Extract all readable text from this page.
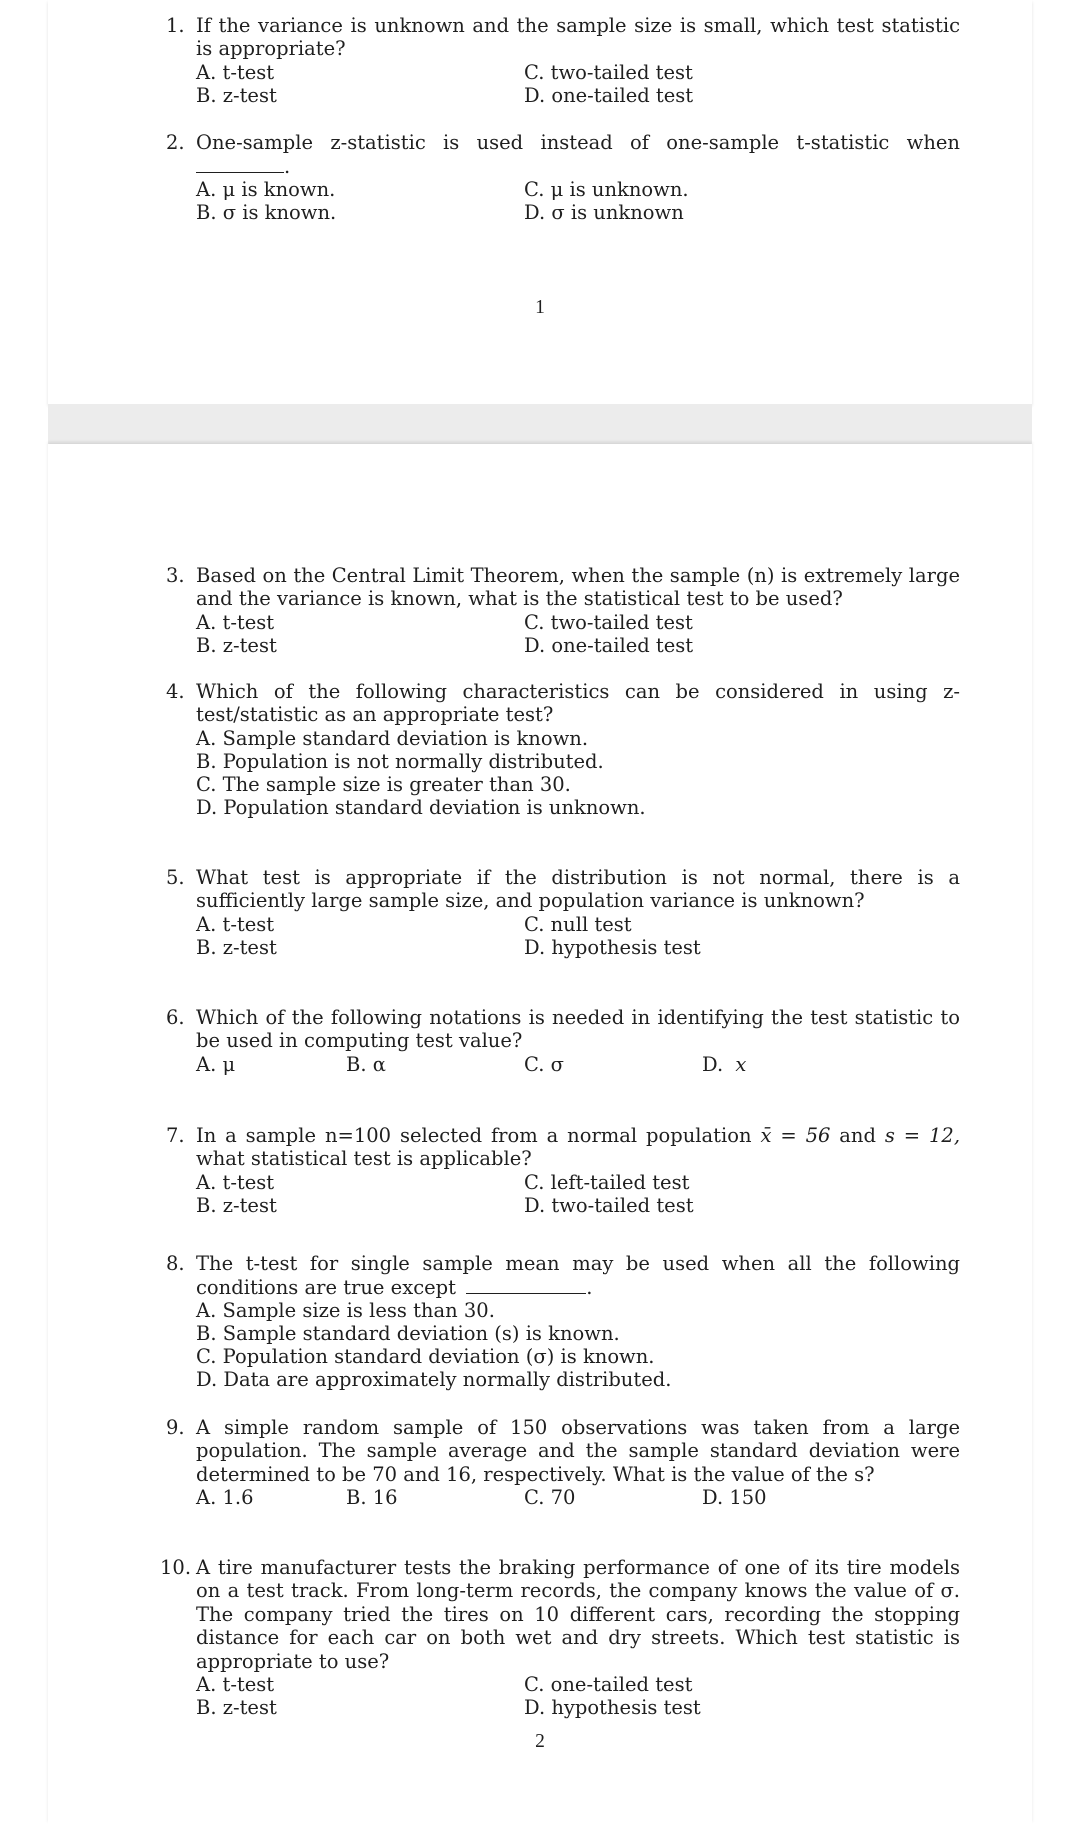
1. If the variance is unknown and the sample size is small, which test statistic is appropriate?
A. t-test	C. two-tailed test
B. z-test	D. one-tailed test
2. One-sample z-statistic is used instead of one-sample t-statistic when
.
A. μ is known.	C. μ is unknown.
B. σ is known.	D. σ is unknown
1
3. Based on the Central Limit Theorem, when the sample (n) is extremely large and the variance is known, what is the statistical test to be used?
A. t-test	C. two-tailed test
B. z-test	D. one-tailed test
4. Which of the following characteristics can be considered in using z-test/statistic as an appropriate test?
A. Sample standard deviation is known.
B. Population is not normally distributed.
C. The sample size is greater than 30.
D. Population standard deviation is unknown.
5. What test is appropriate if the distribution is not normal, there is a sufficiently large sample size, and population variance is unknown?
A. t-test	C. null test
B. z-test	D. hypothesis test
6. Which of the following notations is needed in identifying the test statistic to be used in computing test value?
A. μ	B. α	C. σ	D. x
7. In a sample n=100 selected from a normal population x̄ = 56 and s = 12,
what statistical test is applicable?
A. t-test	C. left-tailed test
B. z-test	D. two-tailed test
8. The t-test for single sample mean may be used when all the following
conditions are true except	.
A. Sample size is less than 30.
B. Sample standard deviation (s) is known.
C. Population standard deviation (σ) is known.
D. Data are approximately normally distributed.
9. A simple random sample of 150 observations was taken from a large population. The sample average and the sample standard deviation were determined to be 70 and 16, respectively. What is the value of the s?
A. 1.6	B. 16	C. 70	D. 150
10. A tire manufacturer tests the braking performance of one of its tire models on a test track. From long-term records, the company knows the value of σ. The company tried the tires on 10 different cars, recording the stopping distance for each car on both wet and dry streets. Which test statistic is appropriate to use?
A. t-test	C. one-tailed test
B. z-test	D. hypothesis test
2
